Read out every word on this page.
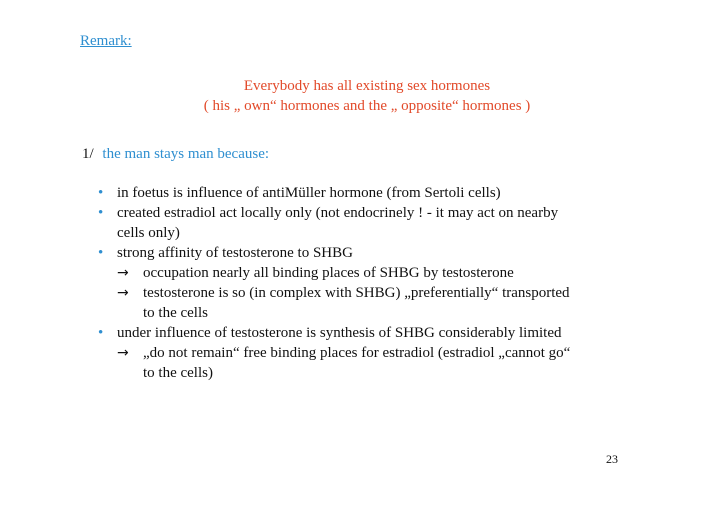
Remark:
Everybody has all existing sex hormones
( his „ own“ hormones and the „ opposite“ hormones )
1/ the man stays man because:
• in foetus is influence of antiMüller hormone (from Sertoli cells)
• created estradiol act locally only (not endocrinely ! - it may act on nearby
cells only)
• strong affinity of testosterone to SHBG
→ occupation nearly all binding places of SHBG by testosterone
→ testosterone is so (in complex with SHBG) „preferentially“ transported
to the cells
• under influence of testosterone is synthesis of SHBG considerably limited
→ „do not remain“ free binding places for estradiol (estradiol „cannot go“
to the cells)
23
